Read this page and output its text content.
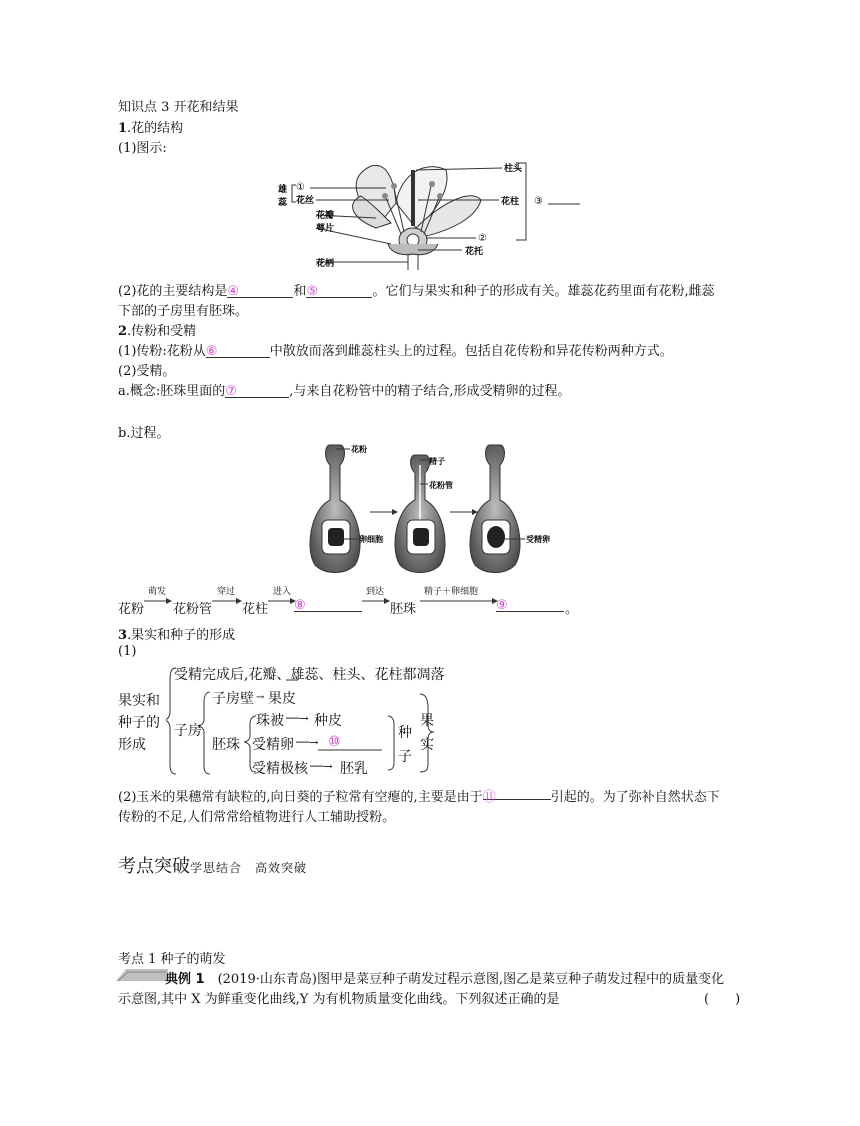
知识点 3 开花和结果
1.花的结构
(1)图示:
雄
蕊
①
花丝
花瓣
萼片
花柄
柱头
花柱
②
花托
③
(2)花的主要结构是④	和⑤	。它们与果实和种子的形成有关。雄蕊花药里面有花粉,雌蕊
下部的子房里有胚珠。
2.传粉和受精
(1)传粉:花粉从⑥	中散放而落到雌蕊柱头上的过程。包括自花传粉和异花传粉两种方式。
(2)受精。
a.概念:胚珠里面的⑦	,与来自花粉管中的精子结合,形成受精卵的过程。
b.过程。
花粉
精子
花粉管
卵细胞	受精卵
花粉
萌发
花粉管
穿过
花柱
进入
⑧
到达
胚珠
精子＋卵细胞
⑨	。
3.果实和种子的形成
(1)
果实和
种子的
形成
受精完成后,花瓣、雄蕊、柱头、花柱都凋落
子房
子房壁 → 果皮
胚珠
珠被 ──→ 种皮
受精卵 ──→ ⑩
受精极核 ──→ 胚乳
种
子
果
实
(2)玉米的果穗常有缺粒的,向日葵的子粒常有空瘪的,主要是由于⑪	引起的。为了弥补自然状态下
传粉的不足,人们常常给植物进行人工辅助授粉。
考点突破学思结合　高效突破
考点 1 种子的萌发
典例 1　 (2019·山东青岛)图甲是菜豆种子萌发过程示意图,图乙是菜豆种子萌发过程中的质量变化
示意图,其中 X 为鲜重变化曲线,Y 为有机物质量变化曲线。下列叙述正确的是	(　　)
